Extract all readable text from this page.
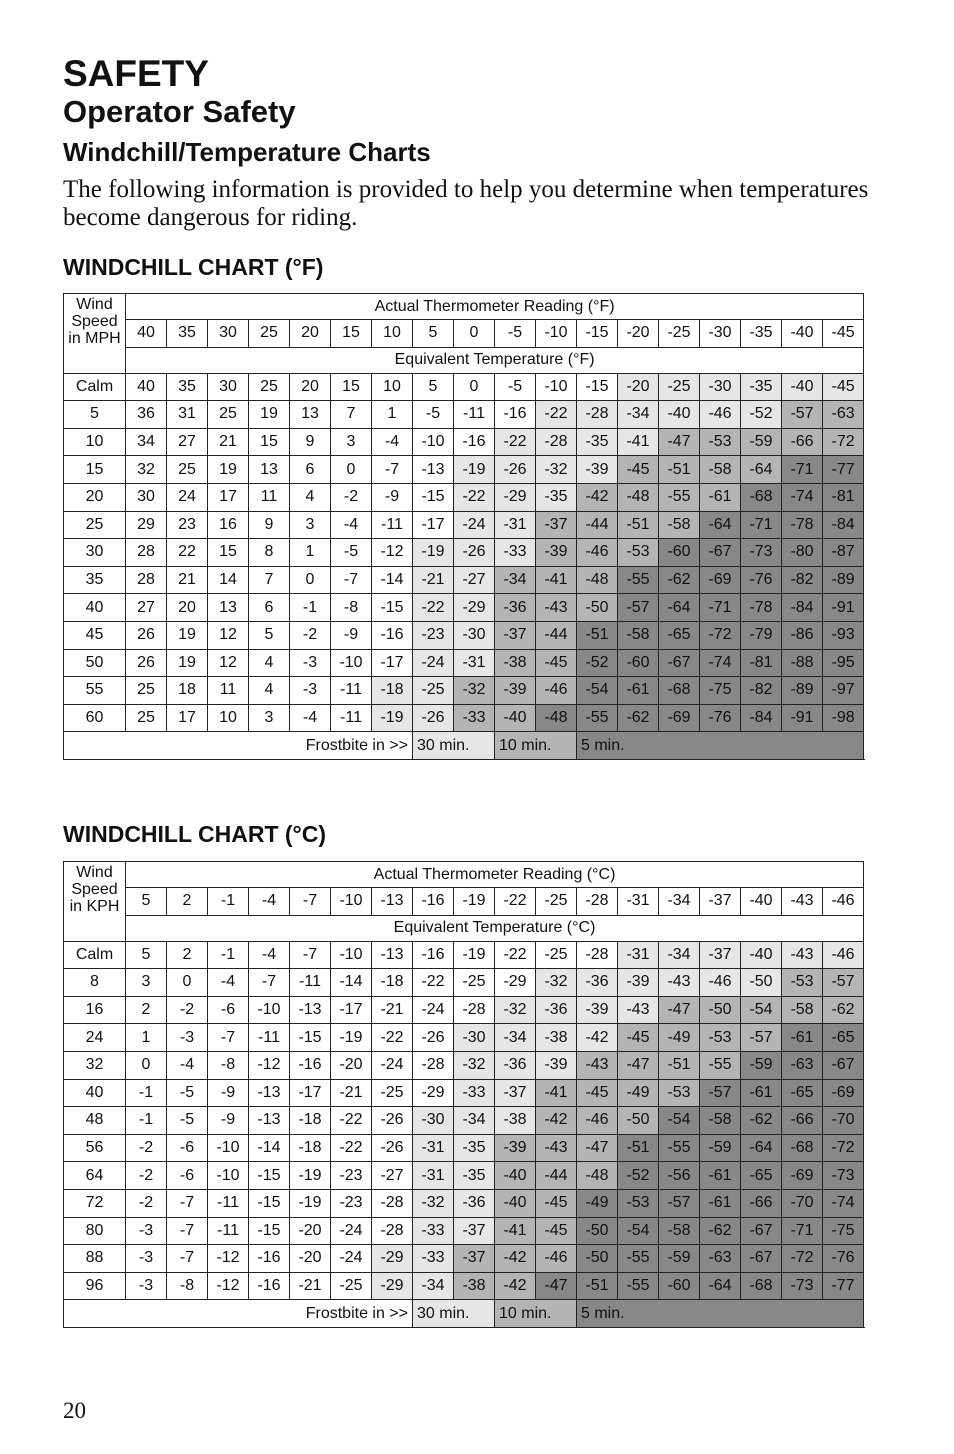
SAFETY
Operator Safety
Windchill/Temperature Charts

The following information is provided to help you determine when temperatures become dangerous for riding.

WINDCHILL CHART (°F)
Wind Speed in MPH	Actual Thermometer Reading (°F)																	
	40	35	30	25	20	15	10	5	0	-5	-10	-15	-20	-25	-30	-35	-40	-45
	Equivalent Temperature (°F)																	
Calm	40	35	30	25	20	15	10	5	0	-5	-10	-15	-20	-25	-30	-35	-40	-45
5	36	31	25	19	13	7	1	-5	-11	-16	-22	-28	-34	-40	-46	-52	-57	-63
10	34	27	21	15	9	3	-4	-10	-16	-22	-28	-35	-41	-47	-53	-59	-66	-72
15	32	25	19	13	6	0	-7	-13	-19	-26	-32	-39	-45	-51	-58	-64	-71	-77
20	30	24	17	11	4	-2	-9	-15	-22	-29	-35	-42	-48	-55	-61	-68	-74	-81
25	29	23	16	9	3	-4	-11	-17	-24	-31	-37	-44	-51	-58	-64	-71	-78	-84
30	28	22	15	8	1	-5	-12	-19	-26	-33	-39	-46	-53	-60	-67	-73	-80	-87
35	28	21	14	7	0	-7	-14	-21	-27	-34	-41	-48	-55	-62	-69	-76	-82	-89
40	27	20	13	6	-1	-8	-15	-22	-29	-36	-43	-50	-57	-64	-71	-78	-84	-91
45	26	19	12	5	-2	-9	-16	-23	-30	-37	-44	-51	-58	-65	-72	-79	-86	-93
50	26	19	12	4	-3	-10	-17	-24	-31	-38	-45	-52	-60	-67	-74	-81	-88	-95
55	25	18	11	4	-3	-11	-18	-25	-32	-39	-46	-54	-61	-68	-75	-82	-89	-97
60	25	17	10	3	-4	-11	-19	-26	-33	-40	-48	-55	-62	-69	-76	-84	-91	-98
Frostbite in >>								30 min.		10 min.		5 min.						
WINDCHILL CHART (°C)
Wind Speed in KPH	Actual Thermometer Reading (°C)																	
	5	2	-1	-4	-7	-10	-13	-16	-19	-22	-25	-28	-31	-34	-37	-40	-43	-46
	Equivalent Temperature (°C)																	
Calm	5	2	-1	-4	-7	-10	-13	-16	-19	-22	-25	-28	-31	-34	-37	-40	-43	-46
8	3	0	-4	-7	-11	-14	-18	-22	-25	-29	-32	-36	-39	-43	-46	-50	-53	-57
16	2	-2	-6	-10	-13	-17	-21	-24	-28	-32	-36	-39	-43	-47	-50	-54	-58	-62
24	1	-3	-7	-11	-15	-19	-22	-26	-30	-34	-38	-42	-45	-49	-53	-57	-61	-65
32	0	-4	-8	-12	-16	-20	-24	-28	-32	-36	-39	-43	-47	-51	-55	-59	-63	-67
40	-1	-5	-9	-13	-17	-21	-25	-29	-33	-37	-41	-45	-49	-53	-57	-61	-65	-69
48	-1	-5	-9	-13	-18	-22	-26	-30	-34	-38	-42	-46	-50	-54	-58	-62	-66	-70
56	-2	-6	-10	-14	-18	-22	-26	-31	-35	-39	-43	-47	-51	-55	-59	-64	-68	-72
64	-2	-6	-10	-15	-19	-23	-27	-31	-35	-40	-44	-48	-52	-56	-61	-65	-69	-73
72	-2	-7	-11	-15	-19	-23	-28	-32	-36	-40	-45	-49	-53	-57	-61	-66	-70	-74
80	-3	-7	-11	-15	-20	-24	-28	-33	-37	-41	-45	-50	-54	-58	-62	-67	-71	-75
88	-3	-7	-12	-16	-20	-24	-29	-33	-37	-42	-46	-50	-55	-59	-63	-67	-72	-76
96	-3	-8	-12	-16	-21	-25	-29	-34	-38	-42	-47	-51	-55	-60	-64	-68	-73	-77
Frostbite in >>								30 min.		10 min.		5 min.						
20
